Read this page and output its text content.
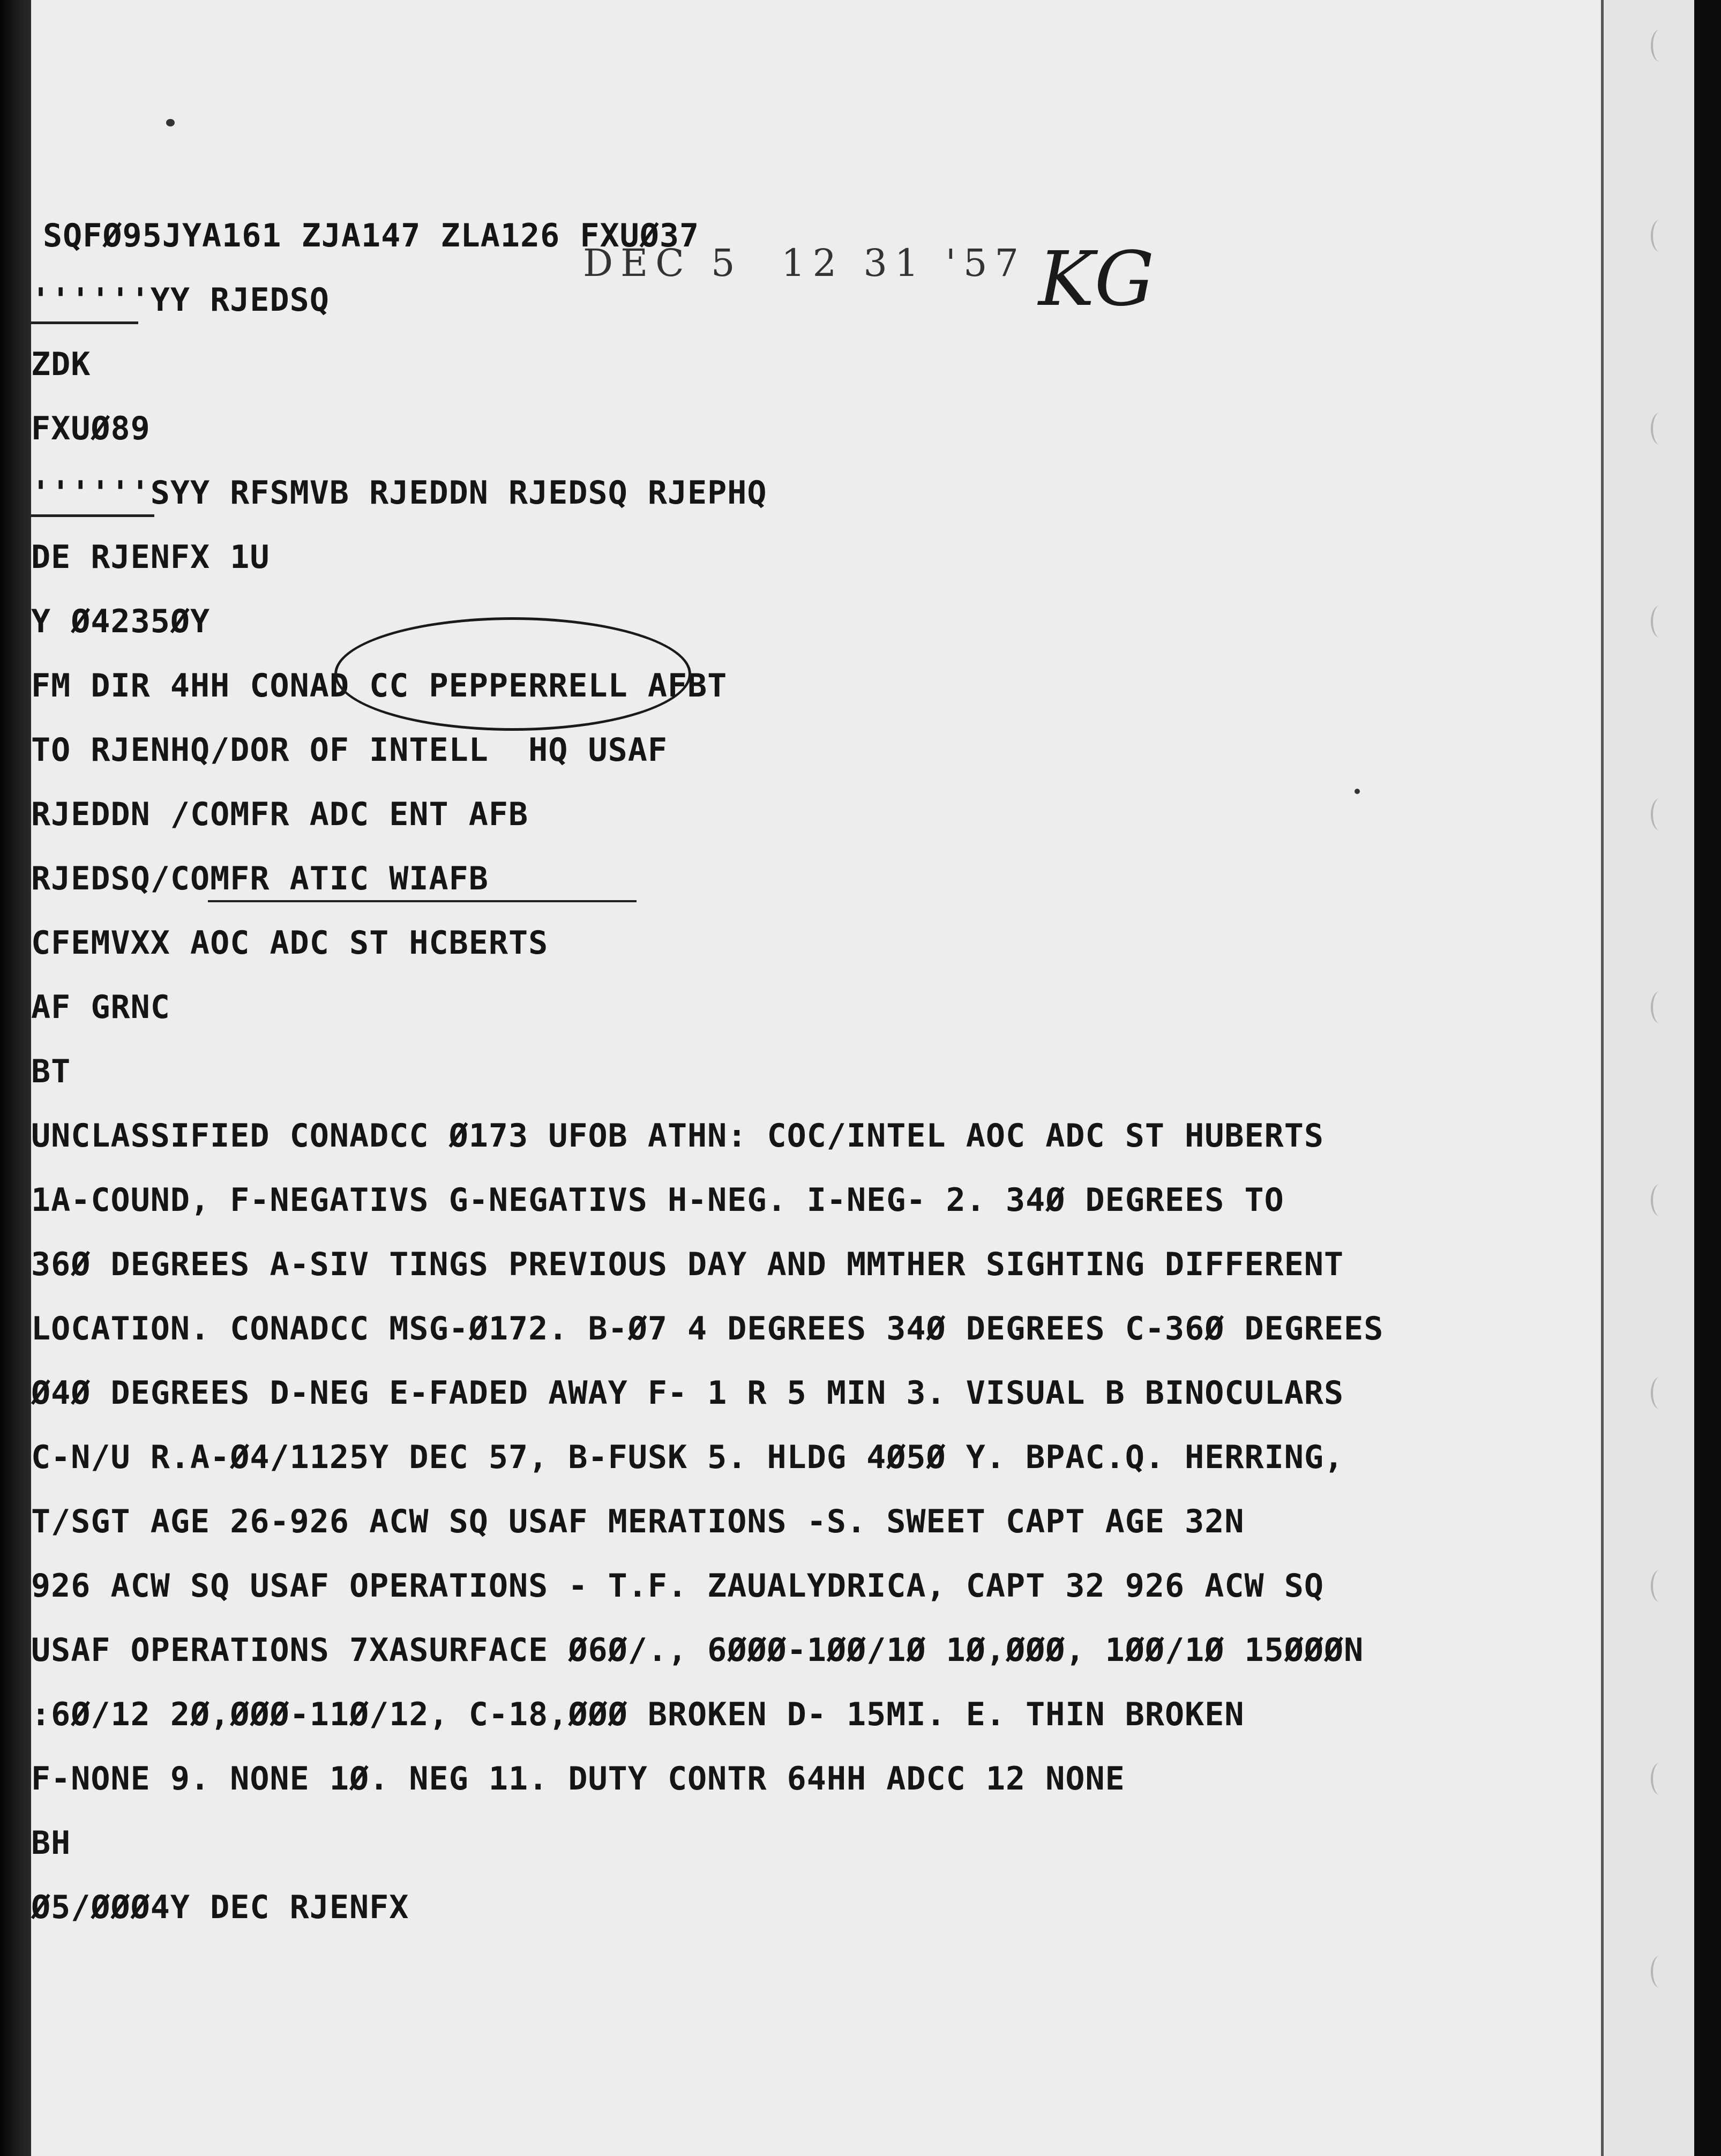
SQFØ95JYA161 ZJA147 ZLA126 FXUØ37
''''''YY RJEDSQ
ZDK
FXUØ89
''''''SYY RFSMVB RJEDDN RJEDSQ RJEPHQ
DE RJENFX 1U
Y Ø4235ØY
FM DIR 4HH CONAD CC PEPPERRELL AFBT
TO RJENHQ/DOR OF INTELL  HQ USAF
RJEDDN /COMFR ADC ENT AFB
RJEDSQ/COMFR ATIC WIAFB
CFEMVXX AOC ADC ST HCBERTS
AF GRNC
BT
DEC 5  12 31 '57 KG
UNCLASSIFIED CONADCC Ø173 UFOB ATHN: COC/INTEL AOC ADC ST HUBERTS
1A-COUND, F-NEGATIVS G-NEGATIVS H-NEG. I-NEG- 2. 34Ø DEGREES TO
36Ø DEGREES A-SIV TINGS PREVIOUS DAY AND MMTHER SIGHTING DIFFERENT
LOCATION. CONADCC MSG-Ø172. B-Ø7 4 DEGREES 34Ø DEGREES C-36Ø DEGREES
Ø4Ø DEGREES D-NEG E-FADED AWAY F- 1 R 5 MIN 3. VISUAL B BINOCULARS
C-N/U R.A-Ø4/1125Y DEC 57, B-FUSK 5. HLDG 4Ø5Ø Y. BPAC.Q. HERRING,
T/SGT AGE 26-926 ACW SQ USAF MERATIONS -S. SWEET CAPT AGE 32N
926 ACW SQ USAF OPERATIONS - T.F. ZAUALYDRICA, CAPT 32 926 ACW SQ
USAF OPERATIONS 7XASURFACE Ø6Ø/., 6ØØØ-1ØØ/1Ø 1Ø,ØØØ, 1ØØ/1Ø 15ØØØN
:6Ø/12 2Ø,ØØØ-11Ø/12, C-18,ØØØ BROKEN D- 15MI. E. THIN BROKEN
F-NONE 9. NONE 1Ø. NEG 11. DUTY CONTR 64HH ADCC 12 NONE
BH
Ø5/ØØØ4Y DEC RJENFX
